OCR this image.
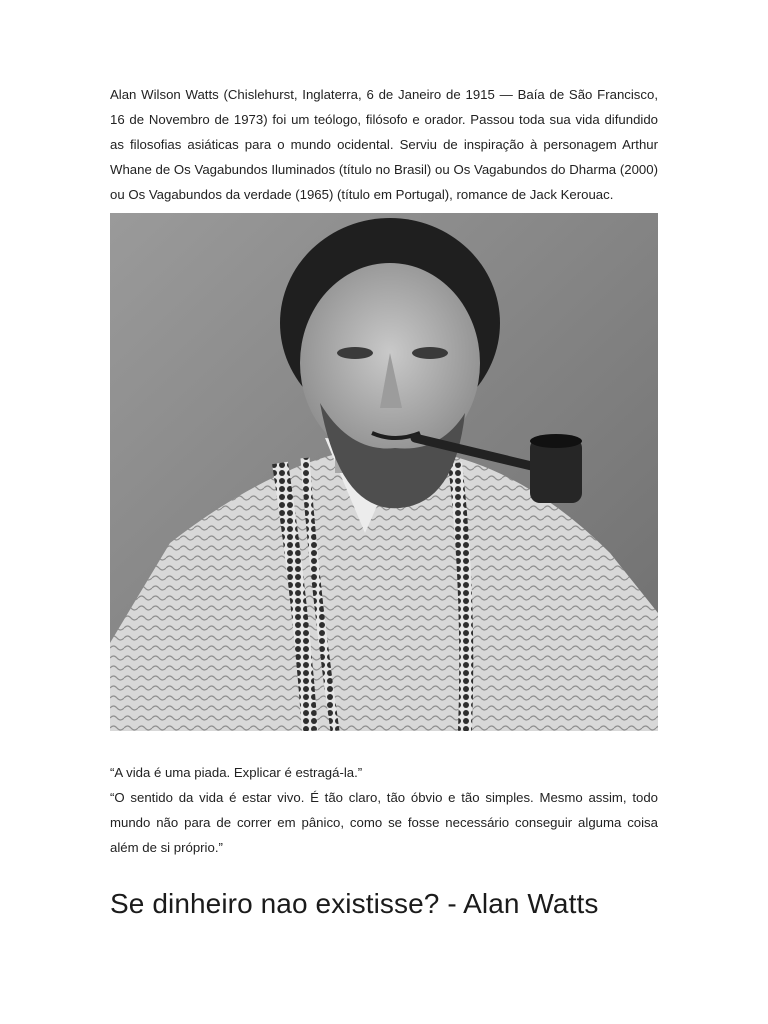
Alan Wilson Watts (Chislehurst, Inglaterra, 6 de Janeiro de 1915 — Baía de São Francisco, 16 de Novembro de 1973) foi um teólogo, filósofo e orador. Passou toda sua vida difundido as filosofias asiáticas para o mundo ocidental. Serviu de inspiração à personagem Arthur Whane de Os Vagabundos Iluminados (título no Brasil) ou Os Vagabundos do Dharma (2000) ou Os Vagabundos da verdade (1965) (título em Portugal), romance de Jack Kerouac.

“A vida é uma piada. Explicar é estragá-la.”

“O sentido da vida é estar vivo. É tão claro, tão óbvio e tão simples. Mesmo assim, todo mundo não para de correr em pânico, como se fosse necessário conseguir alguma coisa além de si próprio.”

Se dinheiro nao existisse? - Alan Watts
